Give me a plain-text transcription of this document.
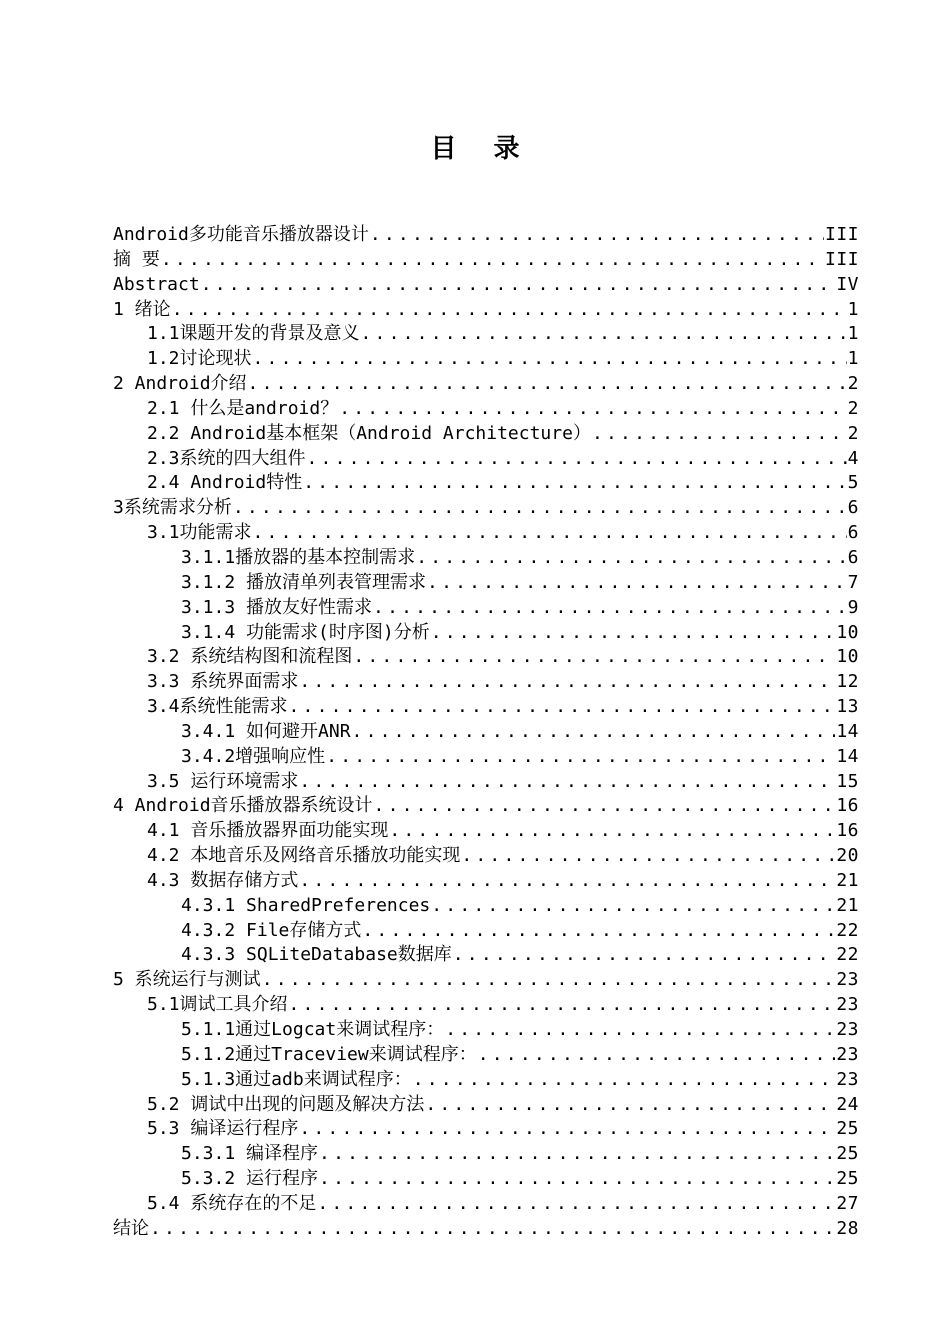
目 录
Android多功能音乐播放器设计 .....	III
摘 要 .....	III
Abstract .....	IV
1 绪论 .....	1
1.1课题开发的背景及意义 .....	1
1.2讨论现状 .....	1
2 Android介绍 .....	2
2.1 什么是android？ .....	2
2.2 Android基本框架（Android Architecture） .....	2
2.3系统的四大组件 .....	4
2.4 Android特性 .....	5
3系统需求分析 .....	6
3.1功能需求 .....	6
3.1.1播放器的基本控制需求 .....	6
3.1.2 播放清单列表管理需求 .....	7
3.1.3 播放友好性需求 .....	9
3.1.4 功能需求(时序图)分析 .....	10
3.2 系统结构图和流程图 .....	10
3.3 系统界面需求 .....	12
3.4系统性能需求 .....	13
3.4.1 如何避开ANR .....	14
3.4.2增强响应性 .....	14
3.5 运行环境需求 .....	15
4 Android音乐播放器系统设计 .....	16
4.1 音乐播放器界面功能实现 .....	16
4.2 本地音乐及网络音乐播放功能实现 .....	20
4.3 数据存储方式 .....	21
4.3.1 SharedPreferences .....	21
4.3.2 File存储方式 .....	22
4.3.3 SQLiteDatabase数据库 .....	22
5 系统运行与测试 .....	23
5.1调试工具介绍 .....	23
5.1.1通过Logcat来调试程序： .....	23
5.1.2通过Traceview来调试程序： .....	23
5.1.3通过adb来调试程序： .....	23
5.2 调试中出现的问题及解决方法 .....	24
5.3 编译运行程序 .....	25
5.3.1 编译程序 .....	25
5.3.2 运行程序 .....	25
5.4 系统存在的不足 .....	27
结论 .....	28
